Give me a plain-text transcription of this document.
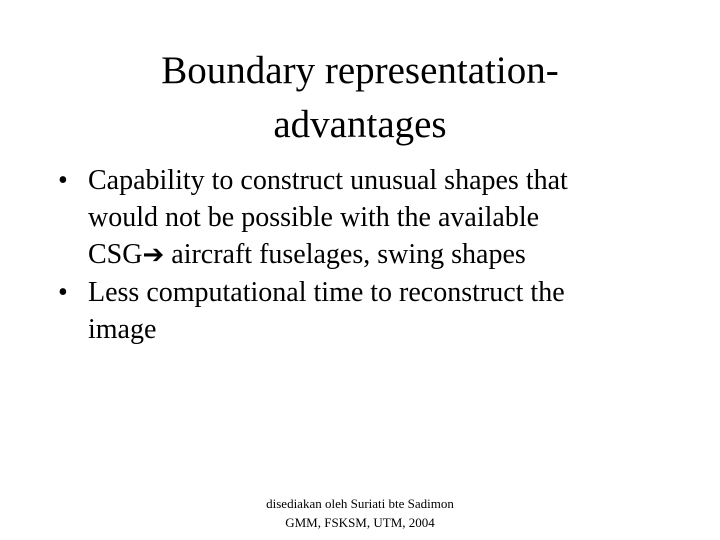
Boundary representation-
advantages
• Capability to construct unusual shapes that
would not be possible with the available
CSG➔ aircraft fuselages, swing shapes
• Less computational time to reconstruct the
image
disediakan oleh Suriati bte Sadimon
GMM, FSKSM, UTM, 2004
